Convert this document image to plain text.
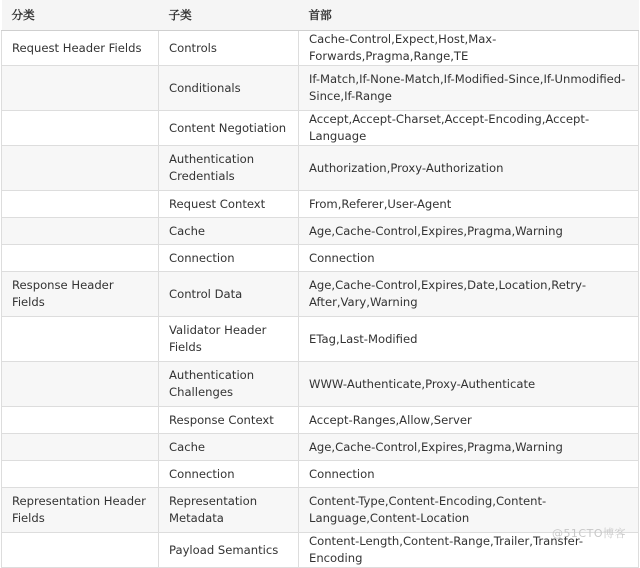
分类	子类	首部
Request Header Fields	Controls	Cache-Control,Expect,Host,Max-Forwards,Pragma,Range,TE
	Conditionals	If-Match,If-None-Match,If-Modified-Since,If-Unmodified-Since,If-Range
	Content Negotiation	Accept,Accept-Charset,Accept-Encoding,Accept-Language
	Authentication Credentials	Authorization,Proxy-Authorization
	Request Context	From,Referer,User-Agent
	Cache	Age,Cache-Control,Expires,Pragma,Warning
	Connection	Connection
Response Header Fields	Control Data	Age,Cache-Control,Expires,Date,Location,Retry-After,Vary,Warning
	Validator Header Fields	ETag,Last-Modified
	Authentication Challenges	WWW-Authenticate,Proxy-Authenticate
	Response Context	Accept-Ranges,Allow,Server
	Cache	Age,Cache-Control,Expires,Pragma,Warning
	Connection	Connection
Representation Header Fields	Representation Metadata	Content-Type,Content-Encoding,Content-Language,Content-Location
	Payload Semantics	Content-Length,Content-Range,Trailer,Transfer-Encoding
@51CTO博客
